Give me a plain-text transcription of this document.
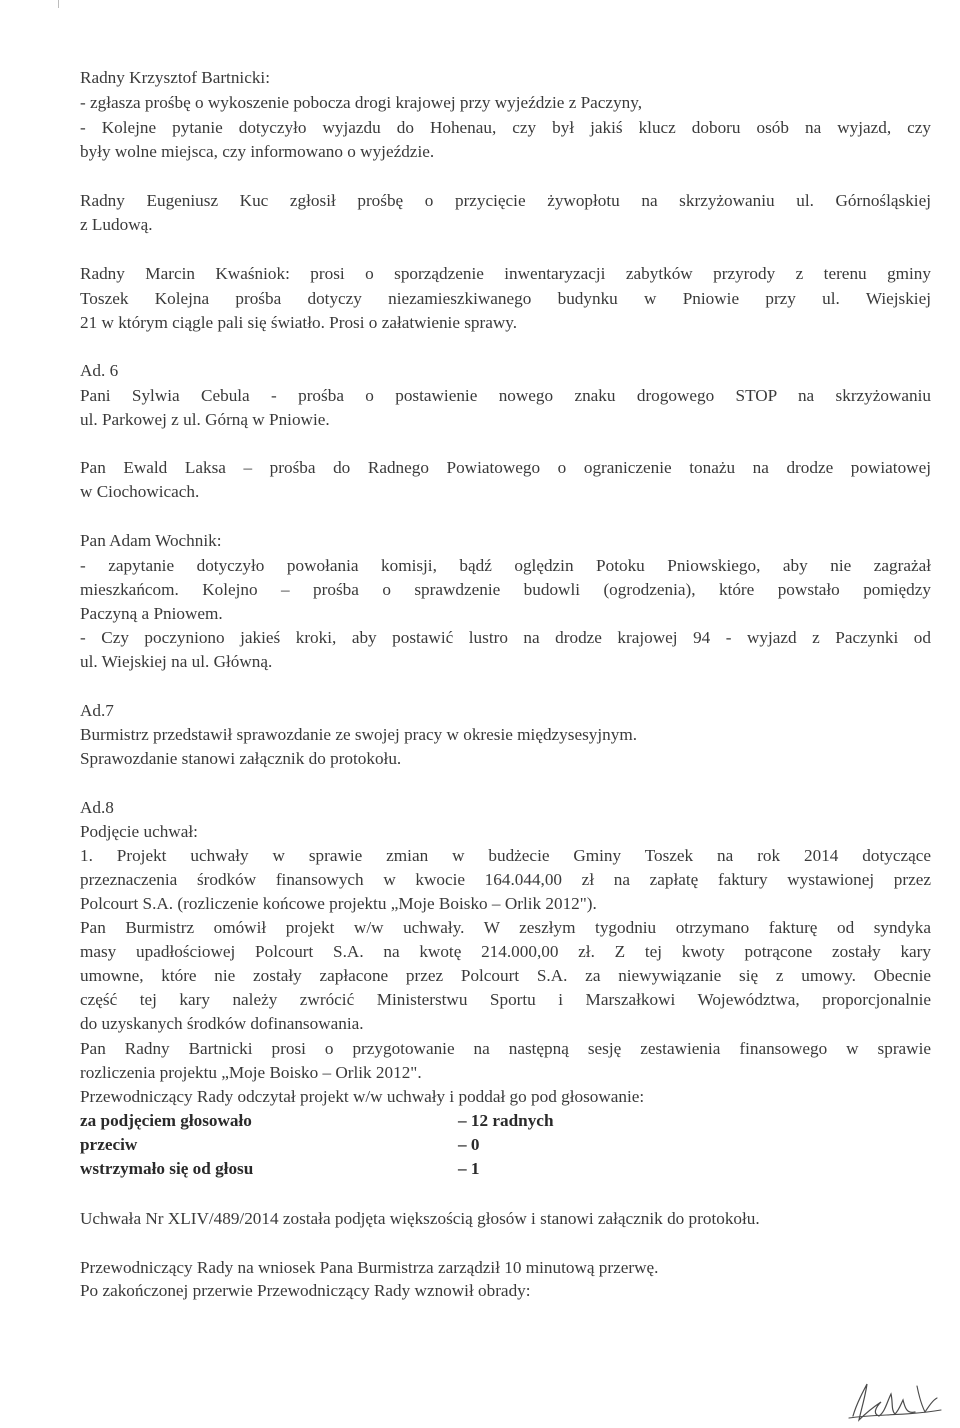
Radny Krzysztof Bartnicki:
- zgłasza prośbę o wykoszenie pobocza drogi krajowej przy wyjeździe z Paczyny,
- Kolejne pytanie dotyczyło wyjazdu do Hohenau, czy był jakiś klucz doboru osób na wyjazd, czy
były wolne miejsca, czy informowano o wyjeździe.
Radny Eugeniusz Kuc zgłosił prośbę o przycięcie żywopłotu na skrzyżowaniu ul. Górnośląskiej
z Ludową.
Radny Marcin Kwaśniok: prosi o sporządzenie inwentaryzacji zabytków przyrody z terenu gminy
Toszek Kolejna prośba dotyczy niezamieszkiwanego budynku w Pniowie przy ul. Wiejskiej
21 w którym ciągle pali się światło. Prosi o załatwienie sprawy.
Ad. 6
Pani Sylwia Cebula - prośba o postawienie nowego znaku drogowego STOP na skrzyżowaniu
ul. Parkowej z ul. Górną w Pniowie.
Pan Ewald Laksa – prośba do Radnego Powiatowego o ograniczenie tonażu na drodze powiatowej
w Ciochowicach.
Pan Adam Wochnik:
- zapytanie dotyczyło powołania komisji, bądź oględzin Potoku Pniowskiego, aby nie zagrażał
mieszkańcom. Kolejno – prośba o sprawdzenie budowli (ogrodzenia), które powstało pomiędzy
Paczyną a Pniowem.
- Czy poczyniono jakieś kroki, aby postawić lustro na drodze krajowej 94 - wyjazd z Paczynki od
ul. Wiejskiej na ul. Główną.
Ad.7
Burmistrz przedstawił sprawozdanie ze swojej pracy w okresie międzysesyjnym.
Sprawozdanie stanowi załącznik do protokołu.
Ad.8
Podjęcie uchwał:
1. Projekt uchwały w sprawie zmian w budżecie Gminy Toszek na rok 2014 dotyczące
przeznaczenia środków finansowych w kwocie 164.044,00 zł na zapłatę faktury wystawionej przez
Polcourt S.A. (rozliczenie końcowe projektu „Moje Boisko – Orlik 2012").
Pan Burmistrz omówił projekt w/w uchwały. W zeszłym tygodniu otrzymano fakturę od syndyka
masy upadłościowej Polcourt S.A. na kwotę 214.000,00 zł. Z tej kwoty potrącone zostały kary
umowne, które nie zostały zapłacone przez Polcourt S.A. za niewywiązanie się z umowy. Obecnie
część tej kary należy zwrócić Ministerstwu Sportu i Marszałkowi Województwa, proporcjonalnie
do uzyskanych środków dofinansowania.
Pan Radny Bartnicki prosi o przygotowanie na następną sesję zestawienia finansowego w sprawie
rozliczenia projektu „Moje Boisko – Orlik 2012".
Przewodniczący Rady odczytał projekt w/w uchwały i poddał go pod głosowanie:
za podjęciem głosowało	– 12 radnych
przeciw	– 0
wstrzymało się od głosu	– 1
Uchwała Nr XLIV/489/2014 została podjęta większością głosów i stanowi załącznik do protokołu.
Przewodniczący Rady na wniosek Pana Burmistrza zarządził 10 minutową przerwę.
Po zakończonej przerwie Przewodniczący Rady wznowił obrady:
